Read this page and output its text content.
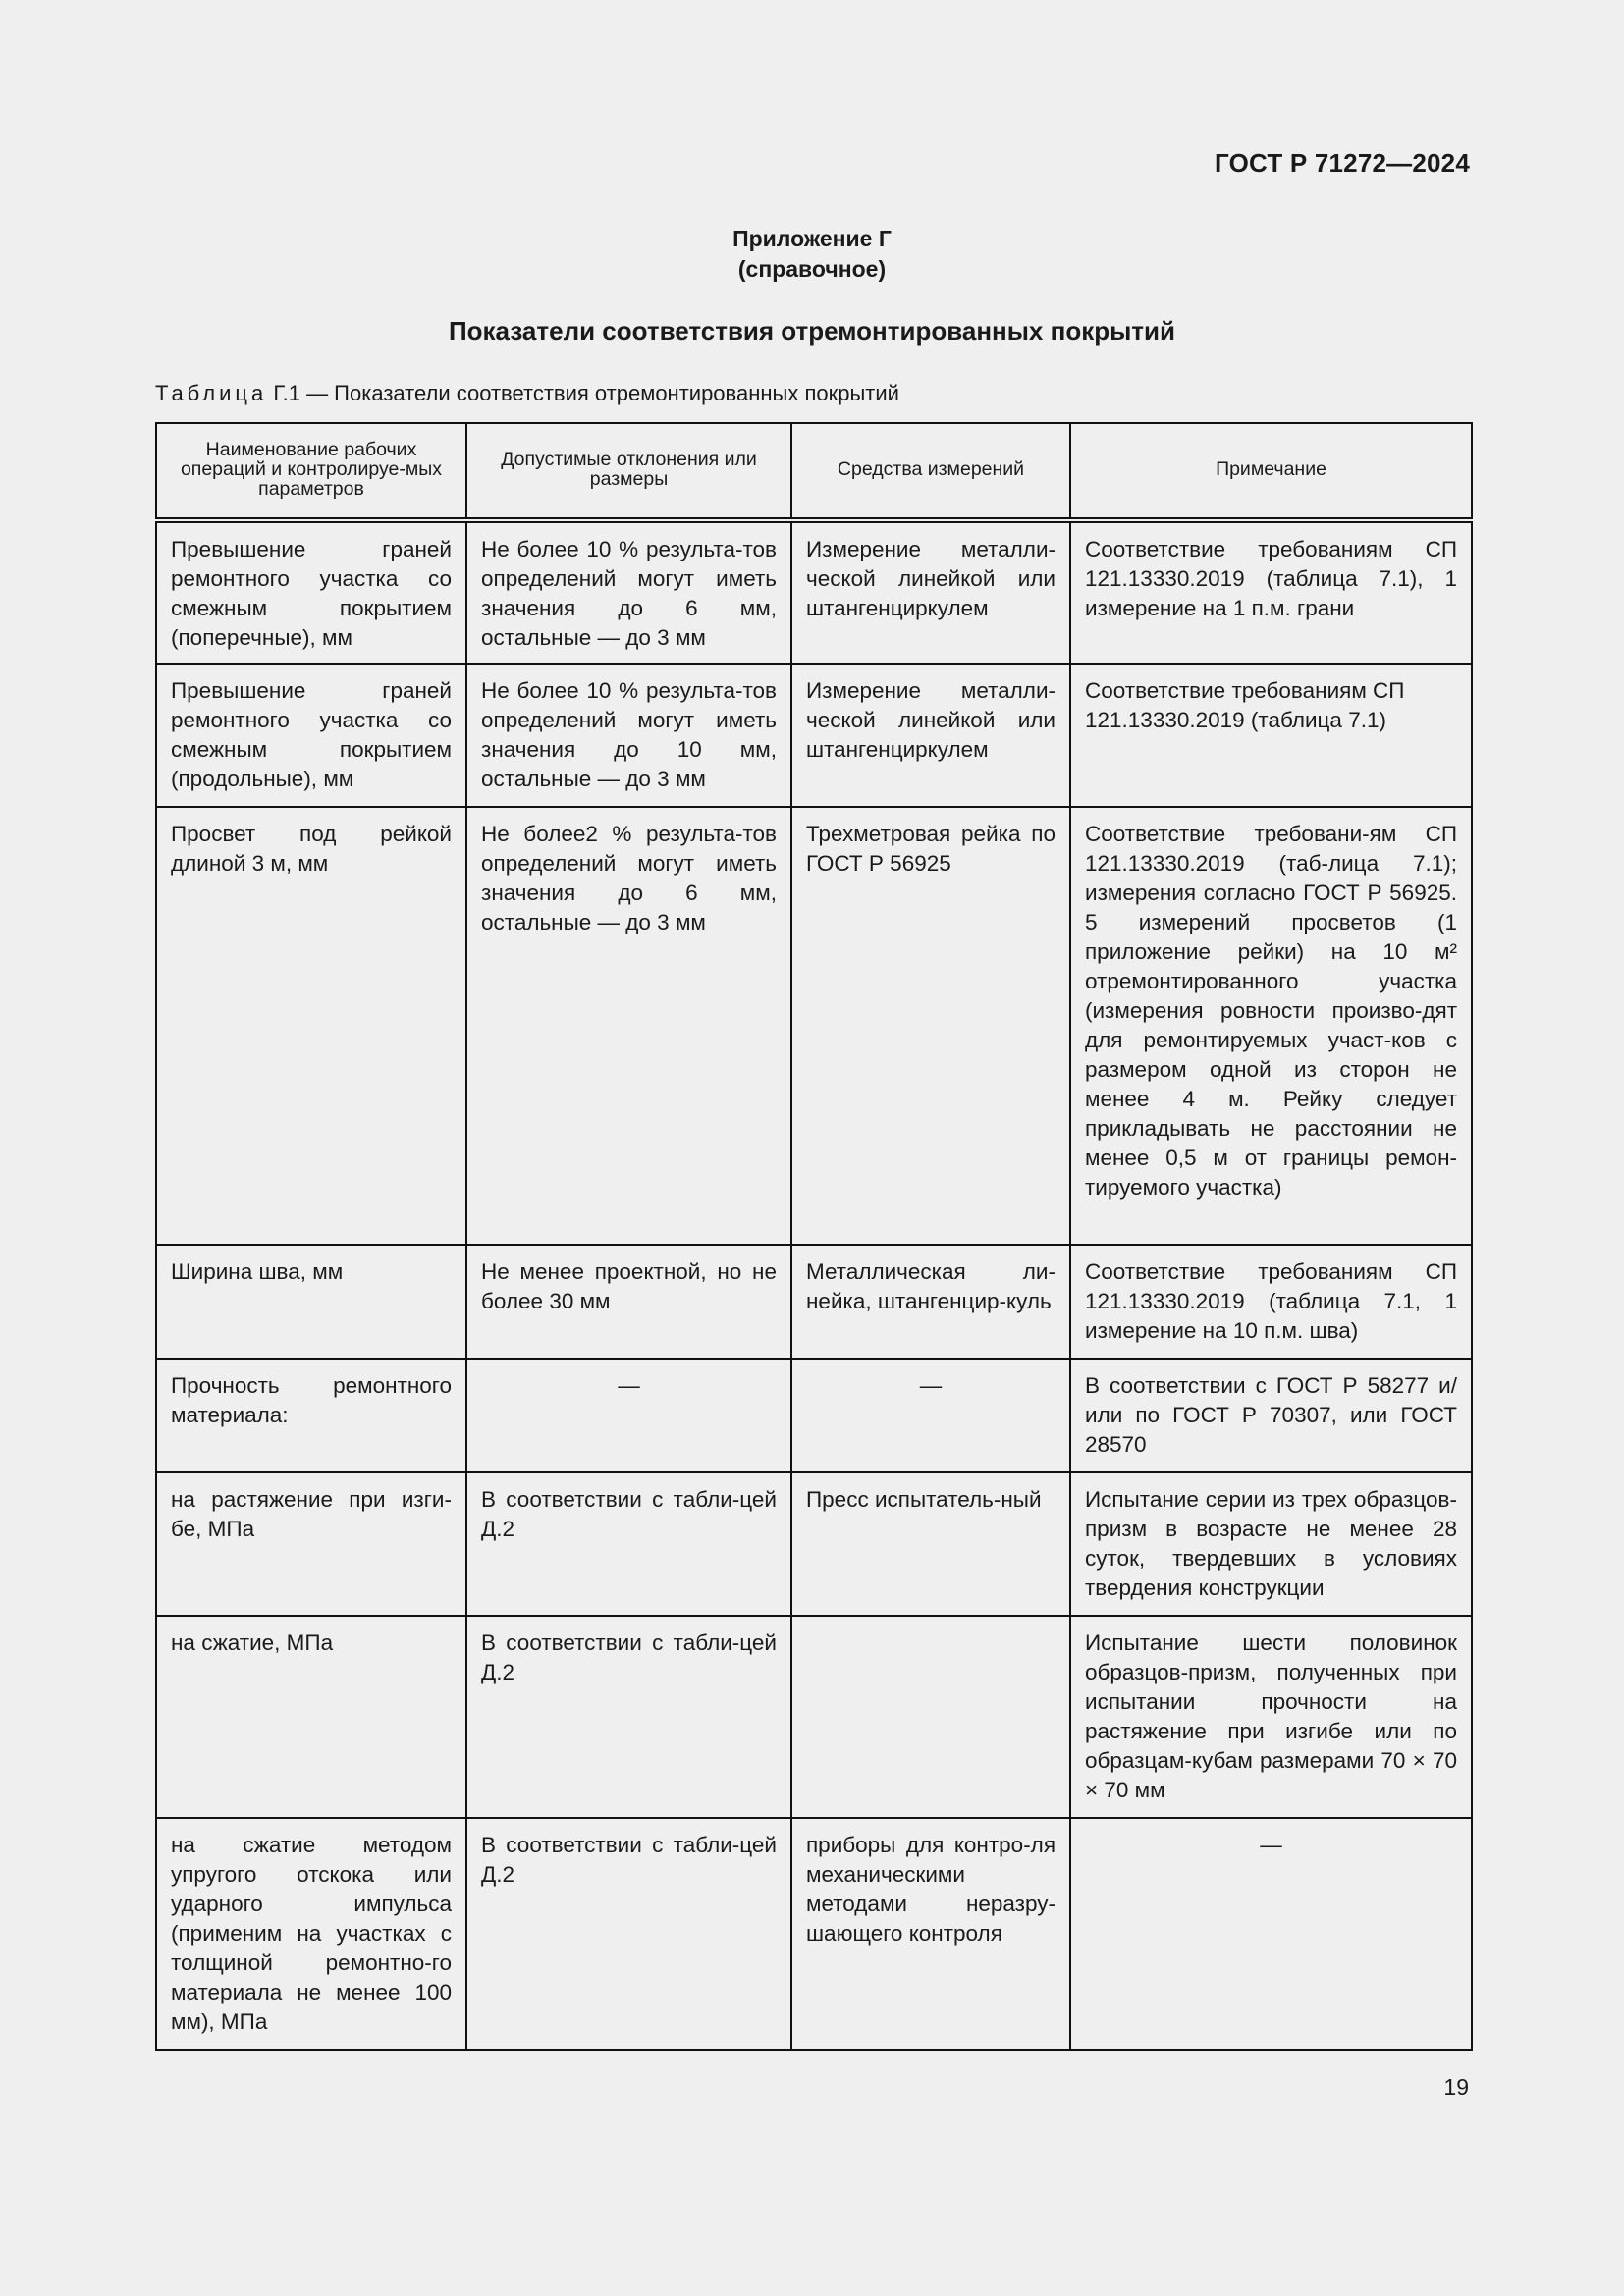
ГОСТ Р 71272—2024
Приложение Г
(справочное)
Показатели соответствия отремонтированных покрытий
Таблица Г.1 — Показатели соответствия отремонтированных покрытий
Наименование рабочих операций и контролируе-мых параметров	Допустимые отклонения или размеры	Средства измерений	Примечание
Превышение граней ремонтного участка со смежным покрытием (поперечные), мм	Не более 10 % результа-тов определений могут иметь значения до 6 мм, остальные — до 3 мм	Измерение металли-ческой линейкой или штангенциркулем	Соответствие требованиям СП 121.13330.2019 (таблица 7.1), 1 измерение на 1 п.м. грани
Превышение граней ремонтного участка со смежным покрытием (продольные), мм	Не более 10 % результа-тов определений могут иметь значения до 10 мм, остальные — до 3 мм	Измерение металли-ческой линейкой или штангенциркулем	Соответствие требованиям СП 121.13330.2019 (таблица 7.1)
Просвет под рейкой длиной 3 м, мм	Не более2 % результа-тов определений могут иметь значения до 6 мм, остальные — до 3 мм	Трехметровая рейка по ГОСТ Р 56925	Соответствие требовани-ям СП 121.13330.2019 (таб-лица 7.1); измерения согласно ГОСТ Р 56925. 5 измерений просветов (1 приложение рейки) на 10 м² отремонтированного участка (измерения ровности произво-дят для ремонтируемых участ-ков с размером одной из сторон не менее 4 м. Рейку следует прикладывать не расстоянии не менее 0,5 м от границы ремон-тируемого участка)
Ширина шва, мм	Не менее проектной, но не более 30 мм	Металлическая ли-нейка, штангенцир-куль	Соответствие требованиям СП 121.13330.2019 (таблица 7.1, 1 измерение на 10 п.м. шва)
Прочность ремонтного материала:	—	—	В соответствии с ГОСТ Р 58277 и/или по ГОСТ Р 70307, или ГОСТ 28570
на растяжение при изги-бе, МПа	В соответствии с табли-цей Д.2	Пресс испытатель-ный	Испытание серии из трех образцов-призм в возрасте не менее 28 суток, твердевших в условиях твердения конструкции
на сжатие, МПа	В соответствии с табли-цей Д.2		Испытание шести половинок образцов-призм, полученных при испытании прочности на растяжение при изгибе или по образцам-кубам размерами 70 × 70 × 70 мм
на сжатие методом упругого отскока или ударного импульса (применим на участках с толщиной ремонтно-го материала не менее 100 мм), МПа	В соответствии с табли-цей Д.2	приборы для контро-ля механическими методами неразру-шающего контроля	—
19
